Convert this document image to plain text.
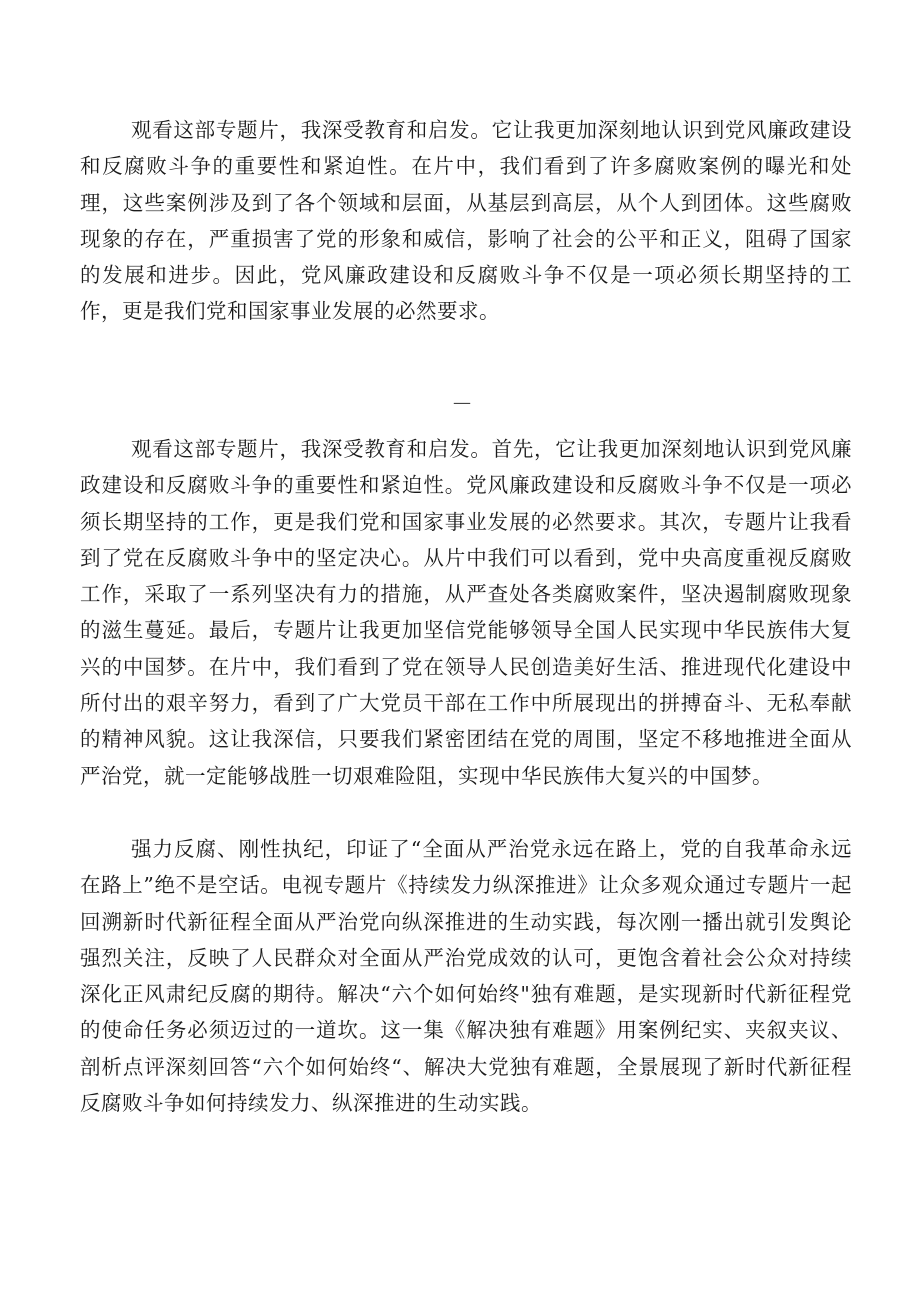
观看这部专题片，我深受教育和启发。它让我更加深刻地认识到党风廉政建设和反腐败斗争的重要性和紧迫性。在片中，我们看到了许多腐败案例的曝光和处理，这些案例涉及到了各个领域和层面，从基层到高层，从个人到团体。这些腐败现象的存在，严重损害了党的形象和威信，影响了社会的公平和正义，阻碍了国家的发展和进步。因此，党风廉政建设和反腐败斗争不仅是一项必须长期坚持的工作，更是我们党和国家事业发展的必然要求。

—

观看这部专题片，我深受教育和启发。首先，它让我更加深刻地认识到党风廉政建设和反腐败斗争的重要性和紧迫性。党风廉政建设和反腐败斗争不仅是一项必须长期坚持的工作，更是我们党和国家事业发展的必然要求。其次，专题片让我看到了党在反腐败斗争中的坚定决心。从片中我们可以看到，党中央高度重视反腐败工作，采取了一系列坚决有力的措施，从严查处各类腐败案件，坚决遏制腐败现象的滋生蔓延。最后，专题片让我更加坚信党能够领导全国人民实现中华民族伟大复兴的中国梦。在片中，我们看到了党在领导人民创造美好生活、推进现代化建设中所付出的艰辛努力，看到了广大党员干部在工作中所展现出的拼搏奋斗、无私奉献的精神风貌。这让我深信，只要我们紧密团结在党的周围，坚定不移地推进全面从严治党，就一定能够战胜一切艰难险阻，实现中华民族伟大复兴的中国梦。

强力反腐、刚性执纪，印证了“全面从严治党永远在路上，党的自我革命永远在路上”绝不是空话。电视专题片《持续发力纵深推进》让众多观众通过专题片一起回溯新时代新征程全面从严治党向纵深推进的生动实践，每次刚一播出就引发舆论强烈关注，反映了人民群众对全面从严治党成效的认可，更饱含着社会公众对持续深化正风肃纪反腐的期待。解决“六个如何始终"独有难题，是实现新时代新征程党的使命任务必须迈过的一道坎。这一集《解决独有难题》用案例纪实、夹叙夹议、剖析点评深刻回答“六个如何始终“、解决大党独有难题，全景展现了新时代新征程反腐败斗争如何持续发力、纵深推进的生动实践。
